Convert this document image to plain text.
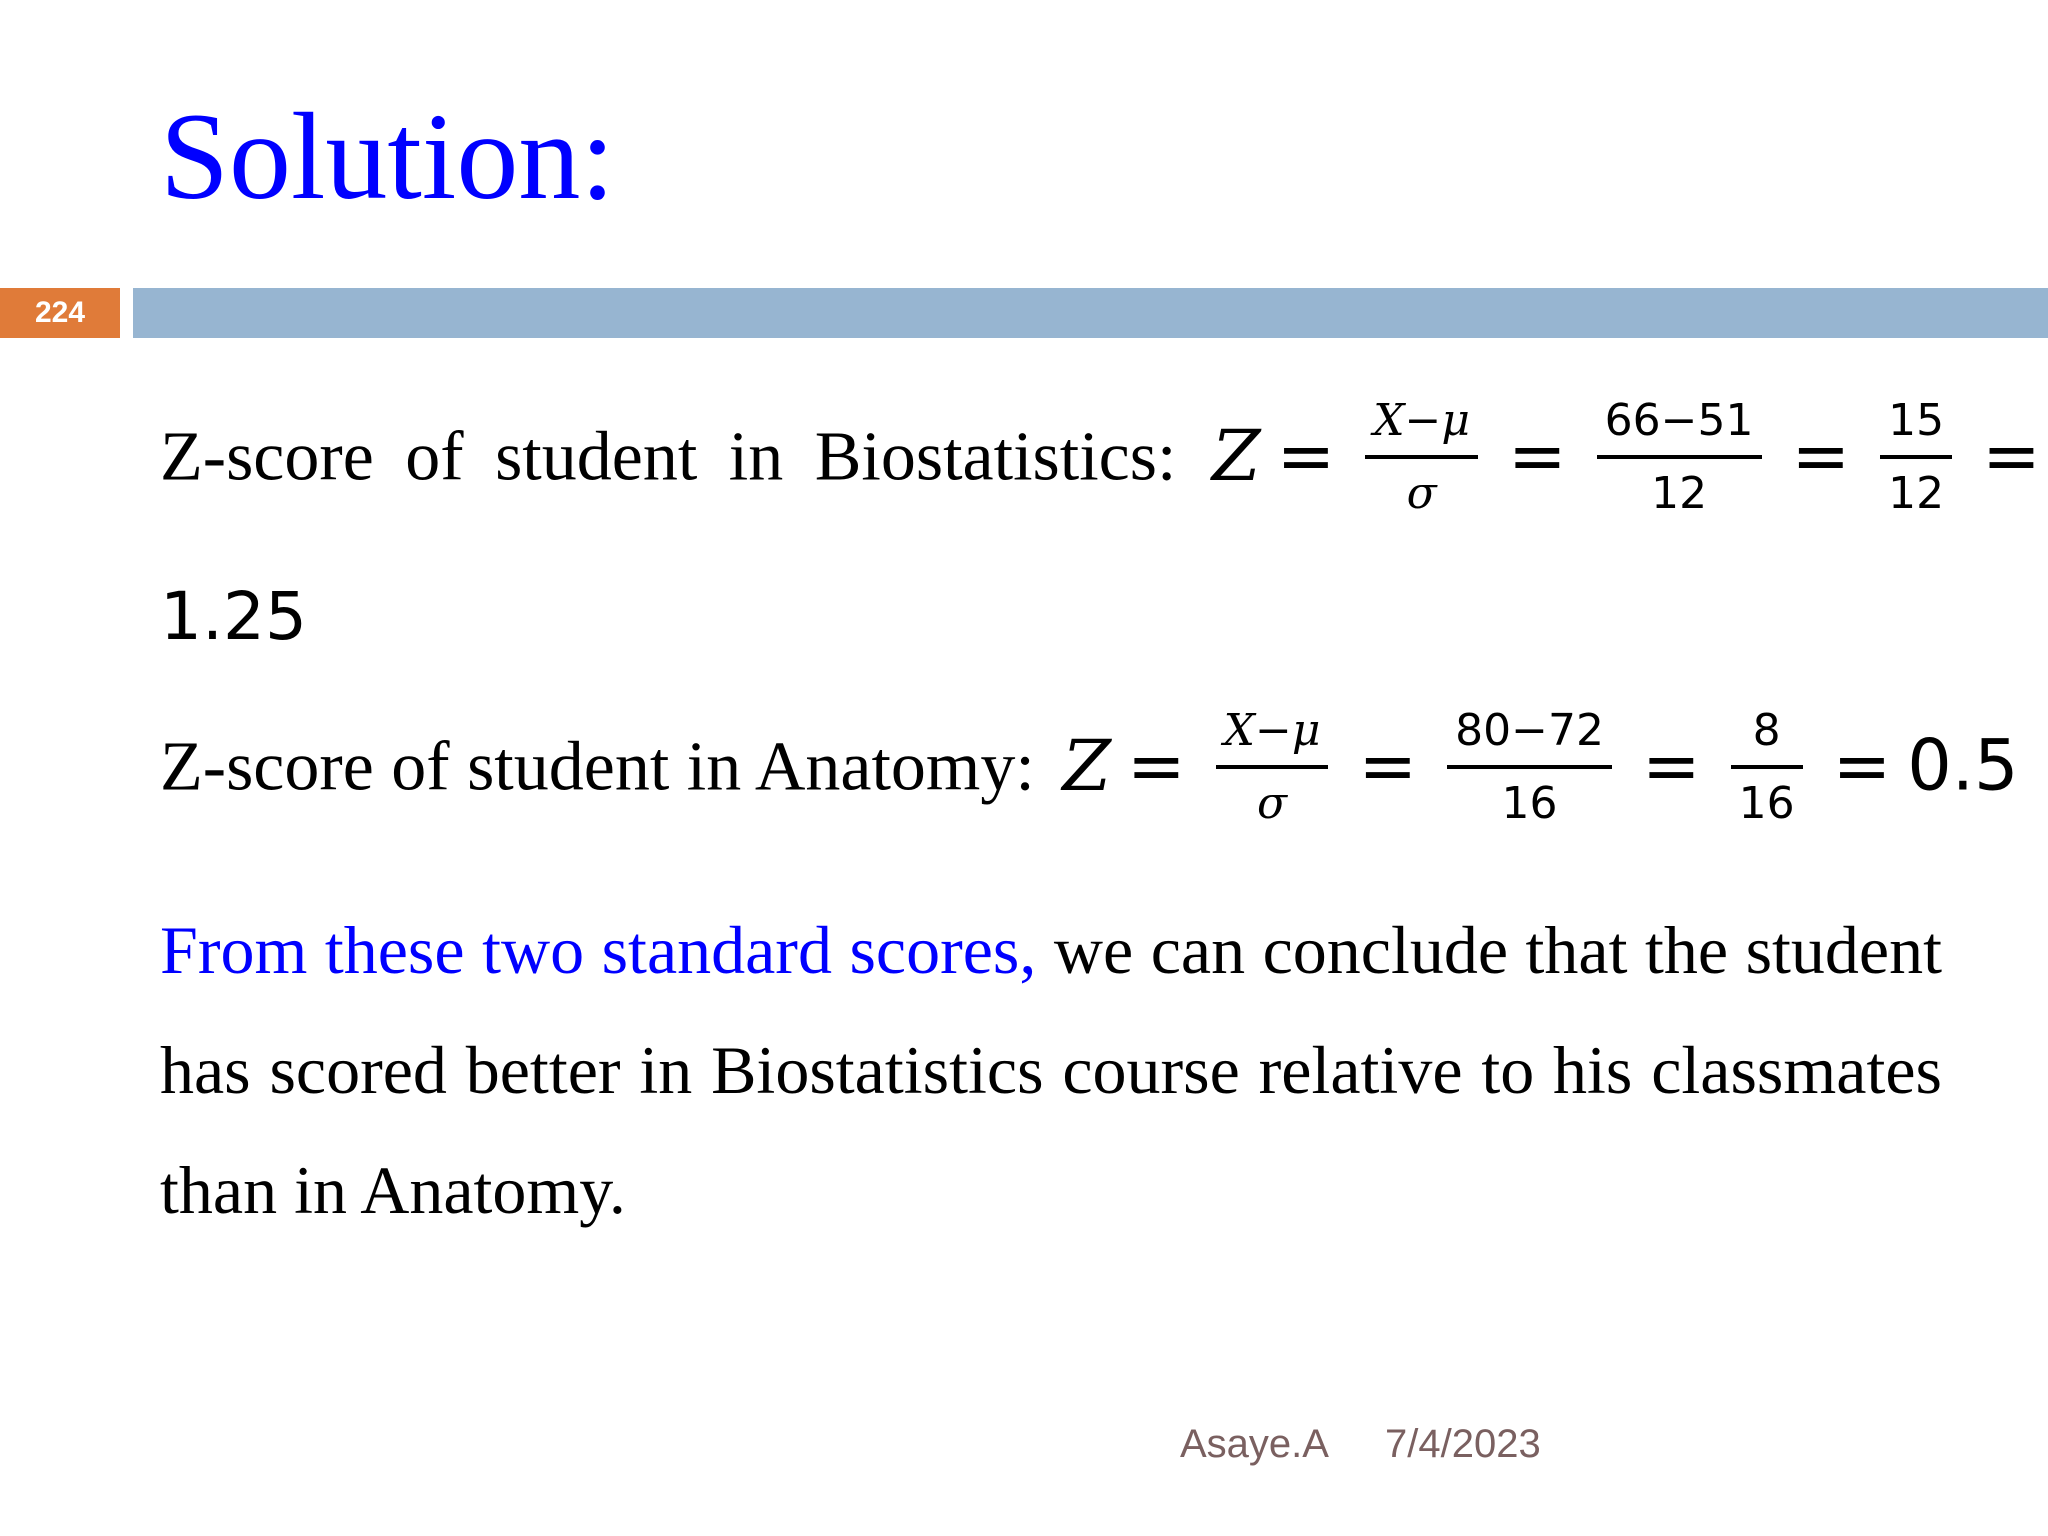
Solution:
224
Z-score of student in Biostatistics: $Z = \frac{X-\mu}{\sigma} = \frac{66-51}{12} = \frac{15}{12}$ =
1.25
Z-score of student in Anatomy: $Z = \frac{X-\mu}{\sigma} = \frac{80-72}{16} = \frac{8}{16} = 0.5$
From these two standard scores, we can conclude that the student has scored better in Biostatistics course relative to his classmates than in Anatomy.
Asaye.A 7/4/2023
